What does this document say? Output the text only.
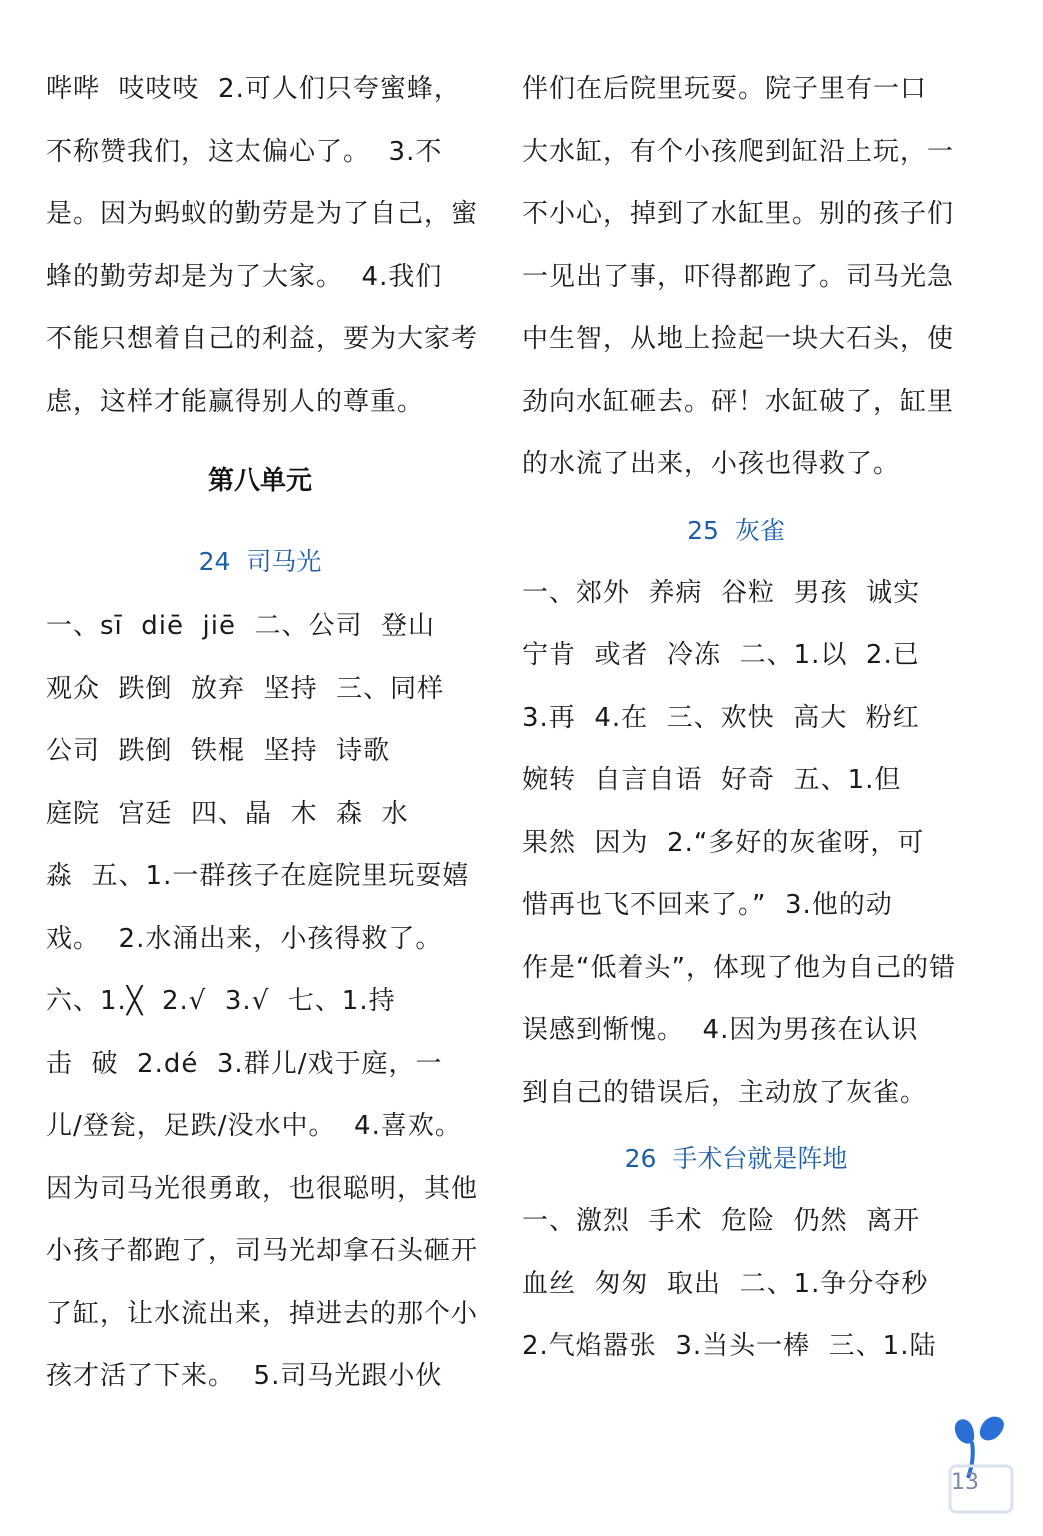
哔哔  吱吱吱  2.可人们只夸蜜蜂，
不称赞我们，这太偏心了。  3.不
是。因为蚂蚁的勤劳是为了自己，蜜
蜂的勤劳却是为了大家。  4.我们
不能只想着自己的利益，要为大家考
虑，这样才能赢得别人的尊重。
第八单元
24  司马光
一、sī  diē  jiē  二、公司  登山
观众  跌倒  放弃  坚持  三、同样
公司  跌倒  铁棍  坚持  诗歌
庭院  宫廷  四、晶  木  森  水
淼  五、1.一群孩子在庭院里玩耍嬉
戏。  2.水涌出来，小孩得救了。
六、1.╳  2.√  3.√  七、1.持
击  破  2.dé  3.群儿/戏于庭，一
儿/登瓮，足跌/没水中。  4.喜欢。
因为司马光很勇敢，也很聪明，其他
小孩子都跑了，司马光却拿石头砸开
了缸，让水流出来，掉进去的那个小
孩才活了下来。  5.司马光跟小伙
伴们在后院里玩耍。院子里有一口
大水缸，有个小孩爬到缸沿上玩，一
不小心，掉到了水缸里。别的孩子们
一见出了事，吓得都跑了。司马光急
中生智，从地上捡起一块大石头，使
劲向水缸砸去。砰！水缸破了，缸里
的水流了出来，小孩也得救了。
25  灰雀
一、郊外  养病  谷粒  男孩  诚实
宁肯  或者  冷冻  二、1.以  2.已
3.再  4.在  三、欢快  高大  粉红
婉转  自言自语  好奇  五、1.但
果然  因为  2.“多好的灰雀呀，可
惜再也飞不回来了。”  3.他的动
作是“低着头”，体现了他为自己的错
误感到惭愧。  4.因为男孩在认识
到自己的错误后，主动放了灰雀。
26  手术台就是阵地
一、激烈  手术  危险  仍然  离开
血丝  匆匆  取出  二、1.争分夺秒
2.气焰嚣张  3.当头一棒  三、1.陆
13
